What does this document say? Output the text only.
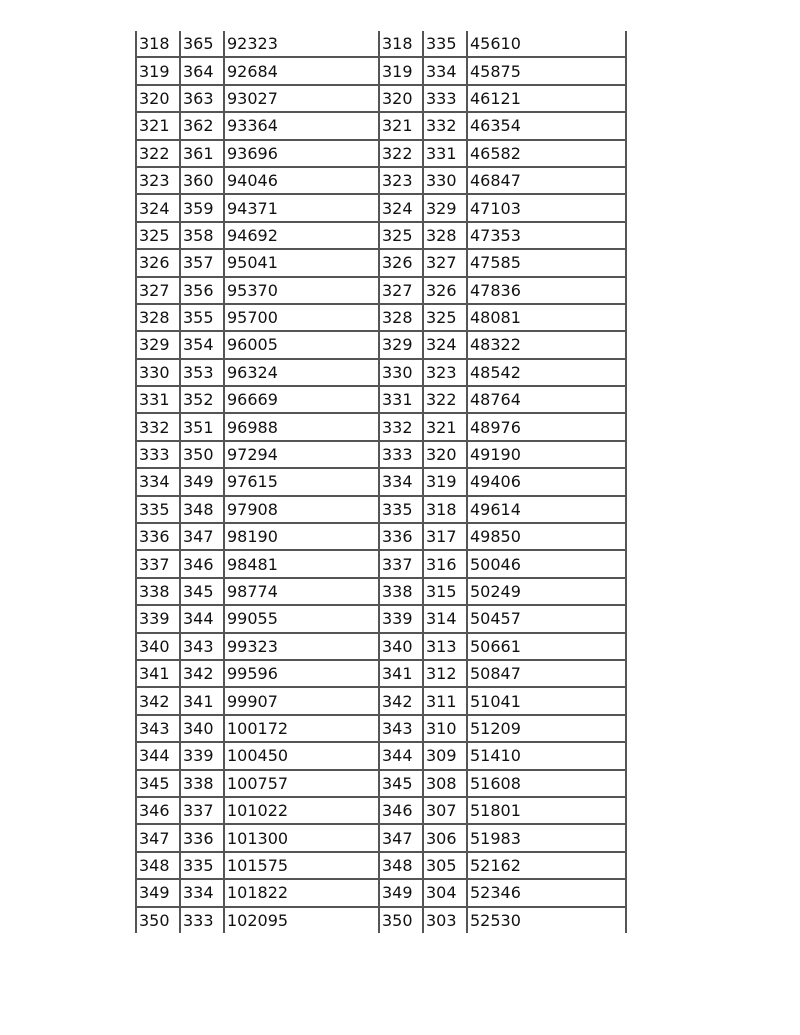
318	365	92323	318	335	45610
319	364	92684	319	334	45875
320	363	93027	320	333	46121
321	362	93364	321	332	46354
322	361	93696	322	331	46582
323	360	94046	323	330	46847
324	359	94371	324	329	47103
325	358	94692	325	328	47353
326	357	95041	326	327	47585
327	356	95370	327	326	47836
328	355	95700	328	325	48081
329	354	96005	329	324	48322
330	353	96324	330	323	48542
331	352	96669	331	322	48764
332	351	96988	332	321	48976
333	350	97294	333	320	49190
334	349	97615	334	319	49406
335	348	97908	335	318	49614
336	347	98190	336	317	49850
337	346	98481	337	316	50046
338	345	98774	338	315	50249
339	344	99055	339	314	50457
340	343	99323	340	313	50661
341	342	99596	341	312	50847
342	341	99907	342	311	51041
343	340	100172	343	310	51209
344	339	100450	344	309	51410
345	338	100757	345	308	51608
346	337	101022	346	307	51801
347	336	101300	347	306	51983
348	335	101575	348	305	52162
349	334	101822	349	304	52346
350	333	102095	350	303	52530
